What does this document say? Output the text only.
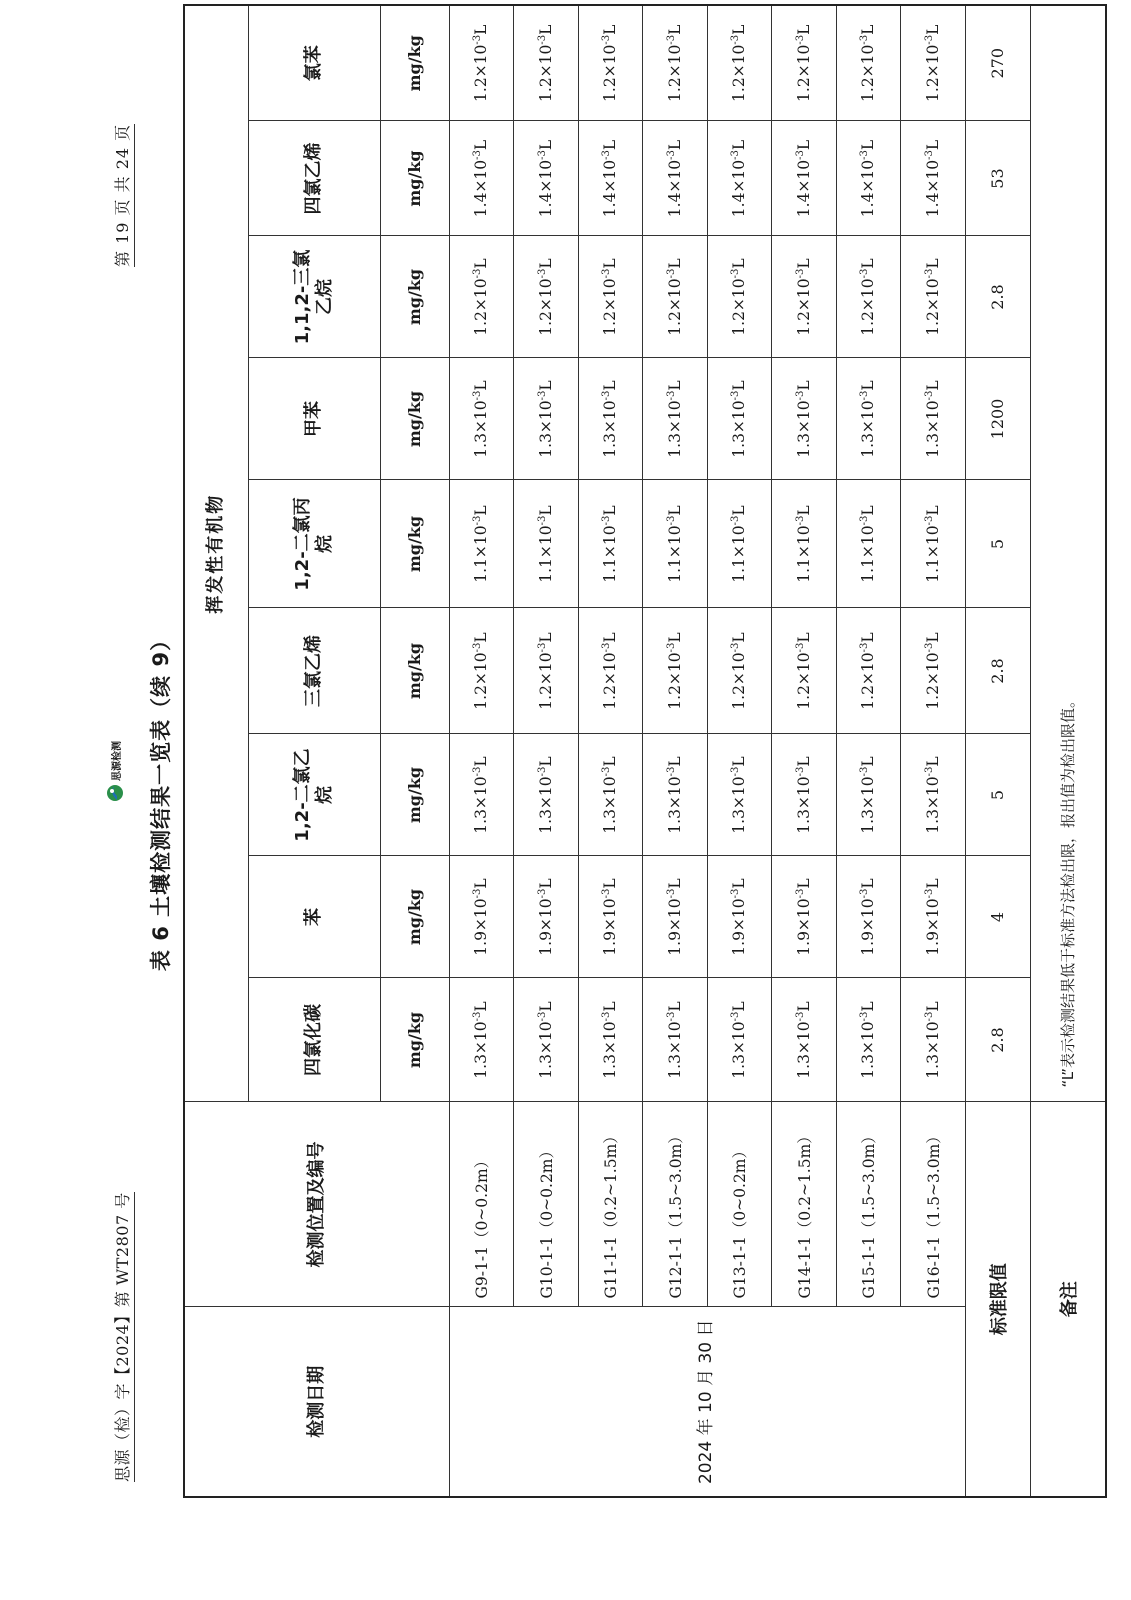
思源（检）字【2024】第 WT2807 号
思源检测
第 19 页 共 24 页
表 6 土壤检测结果一览表（续 9）
检测日期	检测位置及编号	挥发性有机物								
		四氯化碳	苯	1,2-二氯乙烷	三氯乙烯	1,2-二氯丙烷	甲苯	1,1,2-三氯乙烷	四氯乙烯	氯苯
		mg/kg	mg/kg	mg/kg	mg/kg	mg/kg	mg/kg	mg/kg	mg/kg	mg/kg
2024 年 10 月 30 日	G9-1-1（0~0.2m）	$1.3\times 10^{-3}L$	$1.9\times 10^{-3}L$	$1.3\times 10^{-3}L$	$1.2\times 10^{-3}L$	$1.1\times 10^{-3}L$	$1.3\times 10^{-3}L$	$1.2\times 10^{-3}L$	$1.4\times 10^{-3}L$	$1.2\times 10^{-3}L$
	G10-1-1（0~0.2m）	$1.3\times 10^{-3}L$	$1.9\times 10^{-3}L$	$1.3\times 10^{-3}L$	$1.2\times 10^{-3}L$	$1.1\times 10^{-3}L$	$1.3\times 10^{-3}L$	$1.2\times 10^{-3}L$	$1.4\times 10^{-3}L$	$1.2\times 10^{-3}L$
	G11-1-1（0.2~1.5m）	$1.3\times 10^{-3}L$	$1.9\times 10^{-3}L$	$1.3\times 10^{-3}L$	$1.2\times 10^{-3}L$	$1.1\times 10^{-3}L$	$1.3\times 10^{-3}L$	$1.2\times 10^{-3}L$	$1.4\times 10^{-3}L$	$1.2\times 10^{-3}L$
	G12-1-1（1.5~3.0m）	$1.3\times 10^{-3}L$	$1.9\times 10^{-3}L$	$1.3\times 10^{-3}L$	$1.2\times 10^{-3}L$	$1.1\times 10^{-3}L$	$1.3\times 10^{-3}L$	$1.2\times 10^{-3}L$	$1.4\times 10^{-3}L$	$1.2\times 10^{-3}L$
	G13-1-1（0~0.2m）	$1.3\times 10^{-3}L$	$1.9\times 10^{-3}L$	$1.3\times 10^{-3}L$	$1.2\times 10^{-3}L$	$1.1\times 10^{-3}L$	$1.3\times 10^{-3}L$	$1.2\times 10^{-3}L$	$1.4\times 10^{-3}L$	$1.2\times 10^{-3}L$
	G14-1-1（0.2~1.5m）	$1.3\times 10^{-3}L$	$1.9\times 10^{-3}L$	$1.3\times 10^{-3}L$	$1.2\times 10^{-3}L$	$1.1\times 10^{-3}L$	$1.3\times 10^{-3}L$	$1.2\times 10^{-3}L$	$1.4\times 10^{-3}L$	$1.2\times 10^{-3}L$
	G15-1-1（1.5~3.0m）	$1.3\times 10^{-3}L$	$1.9\times 10^{-3}L$	$1.3\times 10^{-3}L$	$1.2\times 10^{-3}L$	$1.1\times 10^{-3}L$	$1.3\times 10^{-3}L$	$1.2\times 10^{-3}L$	$1.4\times 10^{-3}L$	$1.2\times 10^{-3}L$
	G16-1-1（1.5~3.0m）	$1.3\times 10^{-3}L$	$1.9\times 10^{-3}L$	$1.3\times 10^{-3}L$	$1.2\times 10^{-3}L$	$1.1\times 10^{-3}L$	$1.3\times 10^{-3}L$	$1.2\times 10^{-3}L$	$1.4\times 10^{-3}L$	$1.2\times 10^{-3}L$
标准限值		2.8	4	5	2.8	5	1200	2.8	53	270
备注		“L”表示检测结果低于标准方法检出限，报出值为检出限值。								
